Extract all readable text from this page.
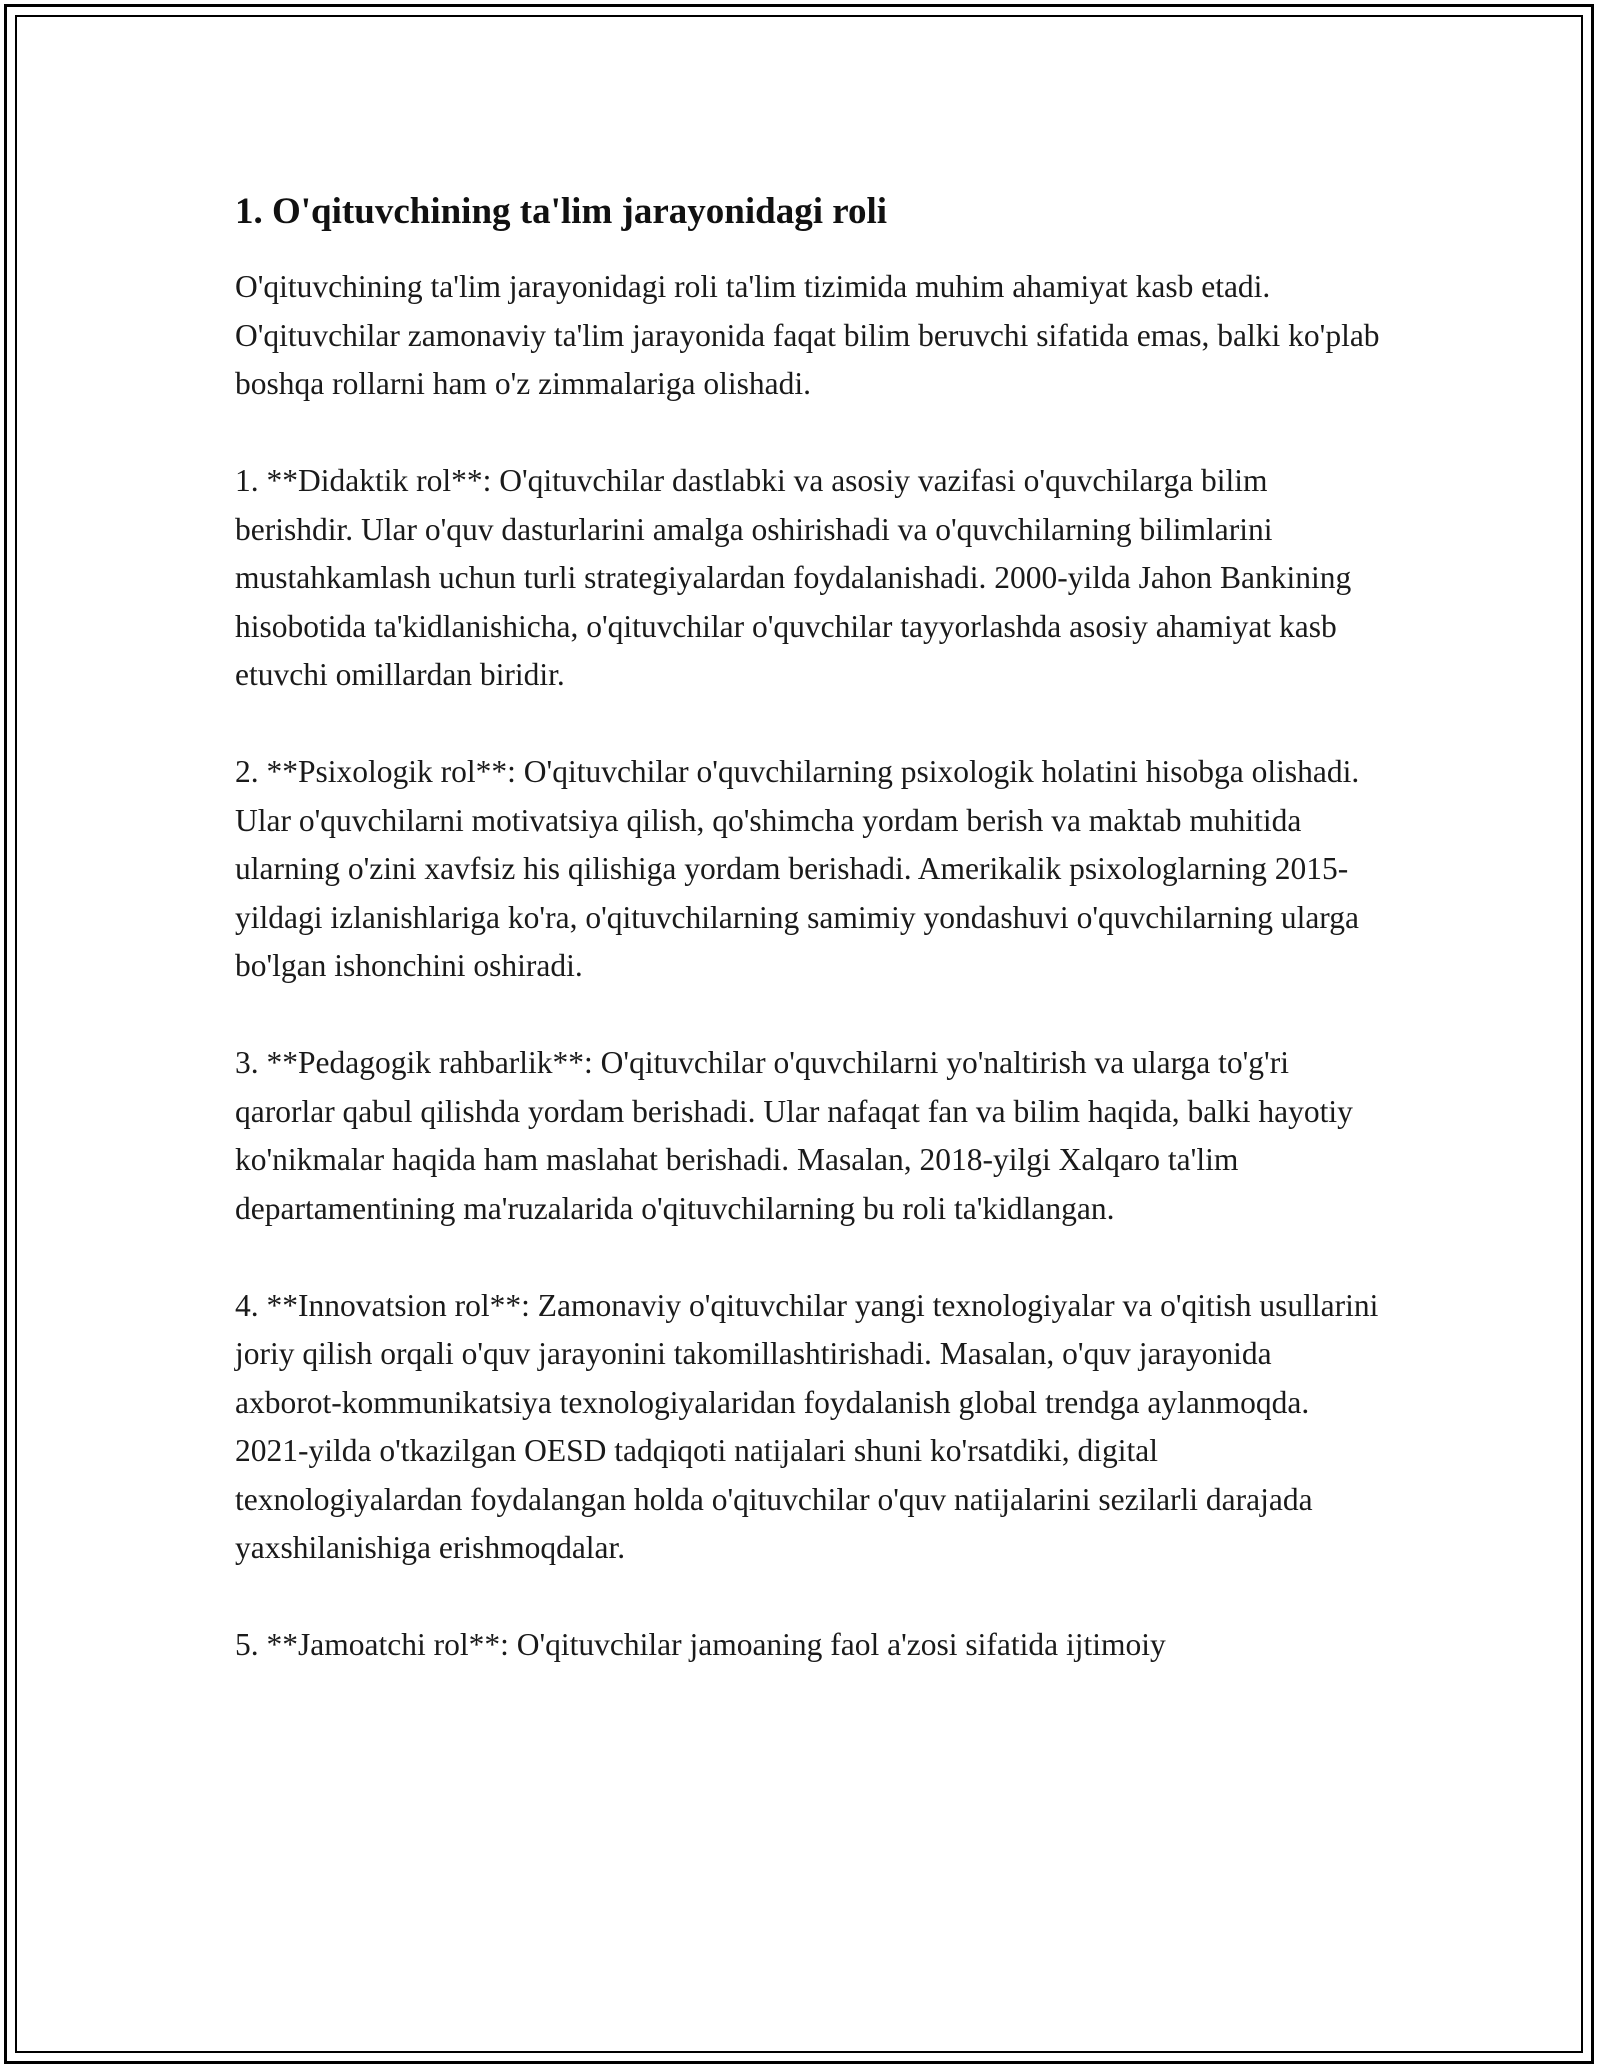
1. O'qituvchining ta'lim jarayonidagi roli

O'qituvchining ta'lim jarayonidagi roli ta'lim tizimida muhim ahamiyat kasb etadi. O'qituvchilar zamonaviy ta'lim jarayonida faqat bilim beruvchi sifatida emas, balki ko'plab boshqa rollarni ham o'z zimmalariga olishadi.

1. **Didaktik rol**: O'qituvchilar dastlabki va asosiy vazifasi o'quvchilarga bilim berishdir. Ular o'quv dasturlarini amalga oshirishadi va o'quvchilarning bilimlarini mustahkamlash uchun turli strategiyalardan foydalanishadi. 2000-yilda Jahon Bankining hisobotida ta'kidlanishicha, o'qituvchilar o'quvchilar tayyorlashda asosiy ahamiyat kasb etuvchi omillardan biridir.

2. **Psixologik rol**: O'qituvchilar o'quvchilarning psixologik holatini hisobga olishadi. Ular o'quvchilarni motivatsiya qilish, qo'shimcha yordam berish va maktab muhitida ularning o'zini xavfsiz his qilishiga yordam berishadi. Amerikalik psixologlarning 2015-yildagi izlanishlariga ko'ra, o'qituvchilarning samimiy yondashuvi o'quvchilarning ularga bo'lgan ishonchini oshiradi.

3. **Pedagogik rahbarlik**: O'qituvchilar o'quvchilarni yo'naltirish va ularga to'g'ri qarorlar qabul qilishda yordam berishadi. Ular nafaqat fan va bilim haqida, balki hayotiy ko'nikmalar haqida ham maslahat berishadi. Masalan, 2018-yilgi Xalqaro ta'lim departamentining ma'ruzalarida o'qituvchilarning bu roli ta'kidlangan.

4. **Innovatsion rol**: Zamonaviy o'qituvchilar yangi texnologiyalar va o'qitish usullarini joriy qilish orqali o'quv jarayonini takomillashtirishadi. Masalan, o'quv jarayonida axborot-kommunikatsiya texnologiyalaridan foydalanish global trendga aylanmoqda. 2021-yilda o'tkazilgan OESD tadqiqoti natijalari shuni ko'rsatdiki, digital texnologiyalardan foydalangan holda o'qituvchilar o'quv natijalarini sezilarli darajada yaxshilanishiga erishmoqdalar.

5. **Jamoatchi rol**: O'qituvchilar jamoaning faol a'zosi sifatida ijtimoiy
